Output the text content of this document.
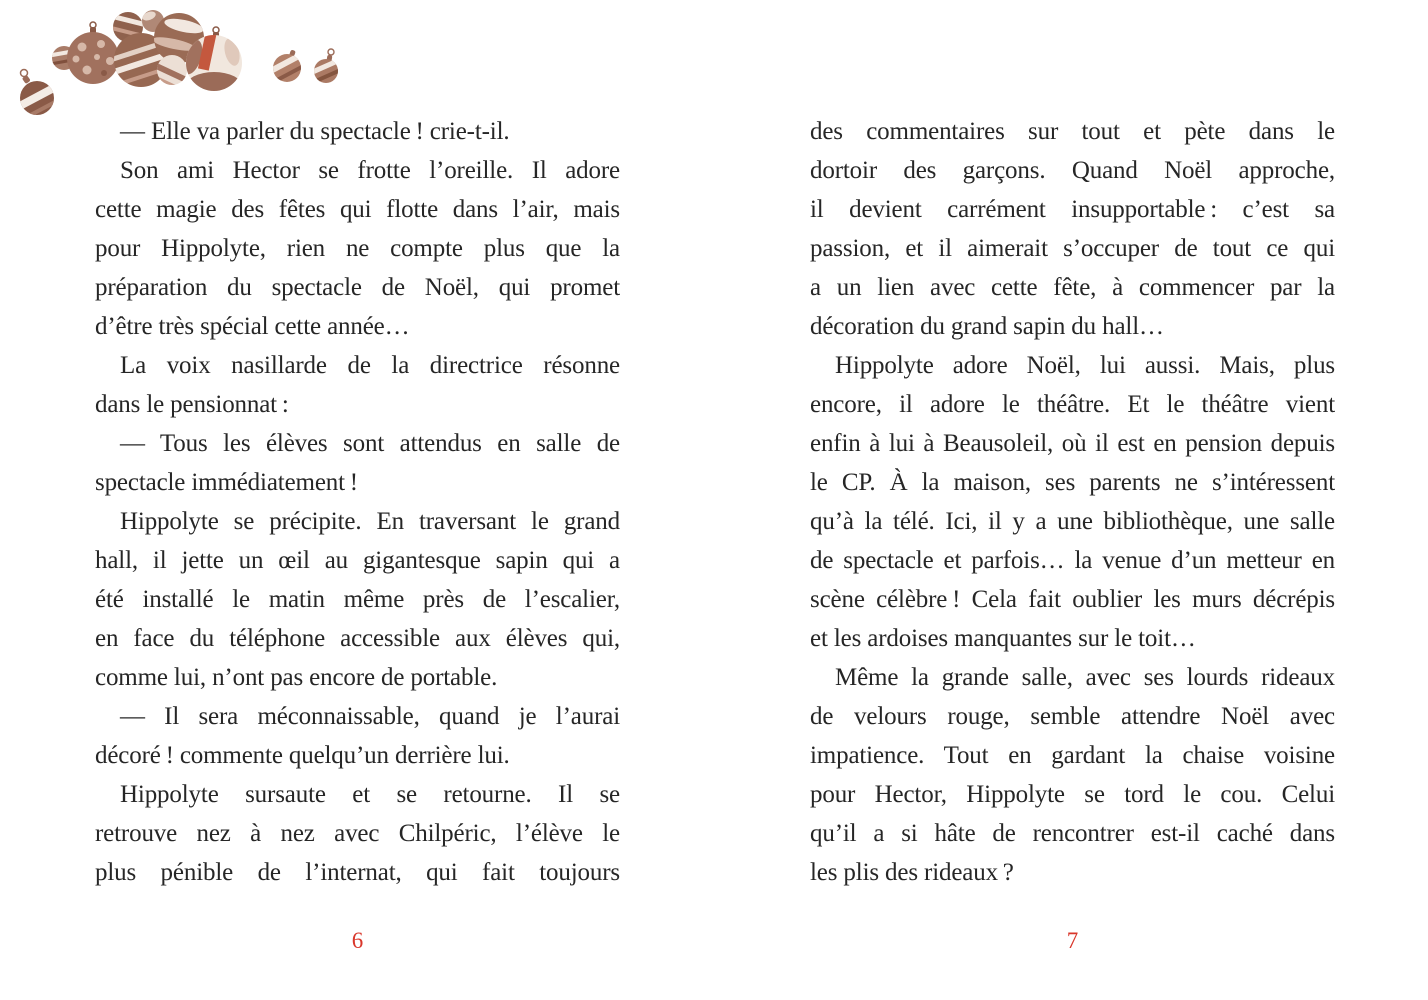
— Elle va parler du spectacle ! crie-t-il.
Son ami Hector se frotte l’oreille. Il adore
cette magie des fêtes qui flotte dans l’air, mais
pour Hippolyte, rien ne compte plus que la
préparation du spectacle de Noël, qui promet
d’être très spécial cette année…
La voix nasillarde de la directrice résonne
dans le pensionnat :
— Tous les élèves sont attendus en salle de
spectacle immédiatement !
Hippolyte se précipite. En traversant le grand
hall, il jette un œil au gigantesque sapin qui a
été installé le matin même près de l’escalier,
en face du téléphone accessible aux élèves qui,
comme lui, n’ont pas encore de portable.
— Il sera méconnaissable, quand je l’aurai
décoré ! commente quelqu’un derrière lui.
Hippolyte sursaute et se retourne. Il se
retrouve nez à nez avec Chilpéric, l’élève le
plus pénible de l’internat, qui fait toujours
des commentaires sur tout et pète dans le
dortoir des garçons. Quand Noël approche,
il devient carrément insupportable : c’est sa
passion, et il aimerait s’occuper de tout ce qui
a un lien avec cette fête, à commencer par la
décoration du grand sapin du hall…
Hippolyte adore Noël, lui aussi. Mais, plus
encore, il adore le théâtre. Et le théâtre vient
enfin à lui à Beausoleil, où il est en pension depuis
le CP. À la maison, ses parents ne s’intéressent
qu’à la télé. Ici, il y a une bibliothèque, une salle
de spectacle et parfois… la venue d’un metteur en
scène célèbre ! Cela fait oublier les murs décrépis
et les ardoises manquantes sur le toit…
Même la grande salle, avec ses lourds rideaux
de velours rouge, semble attendre Noël avec
impatience. Tout en gardant la chaise voisine
pour Hector, Hippolyte se tord le cou. Celui
qu’il a si hâte de rencontrer est-il caché dans
les plis des rideaux ?
6	7
